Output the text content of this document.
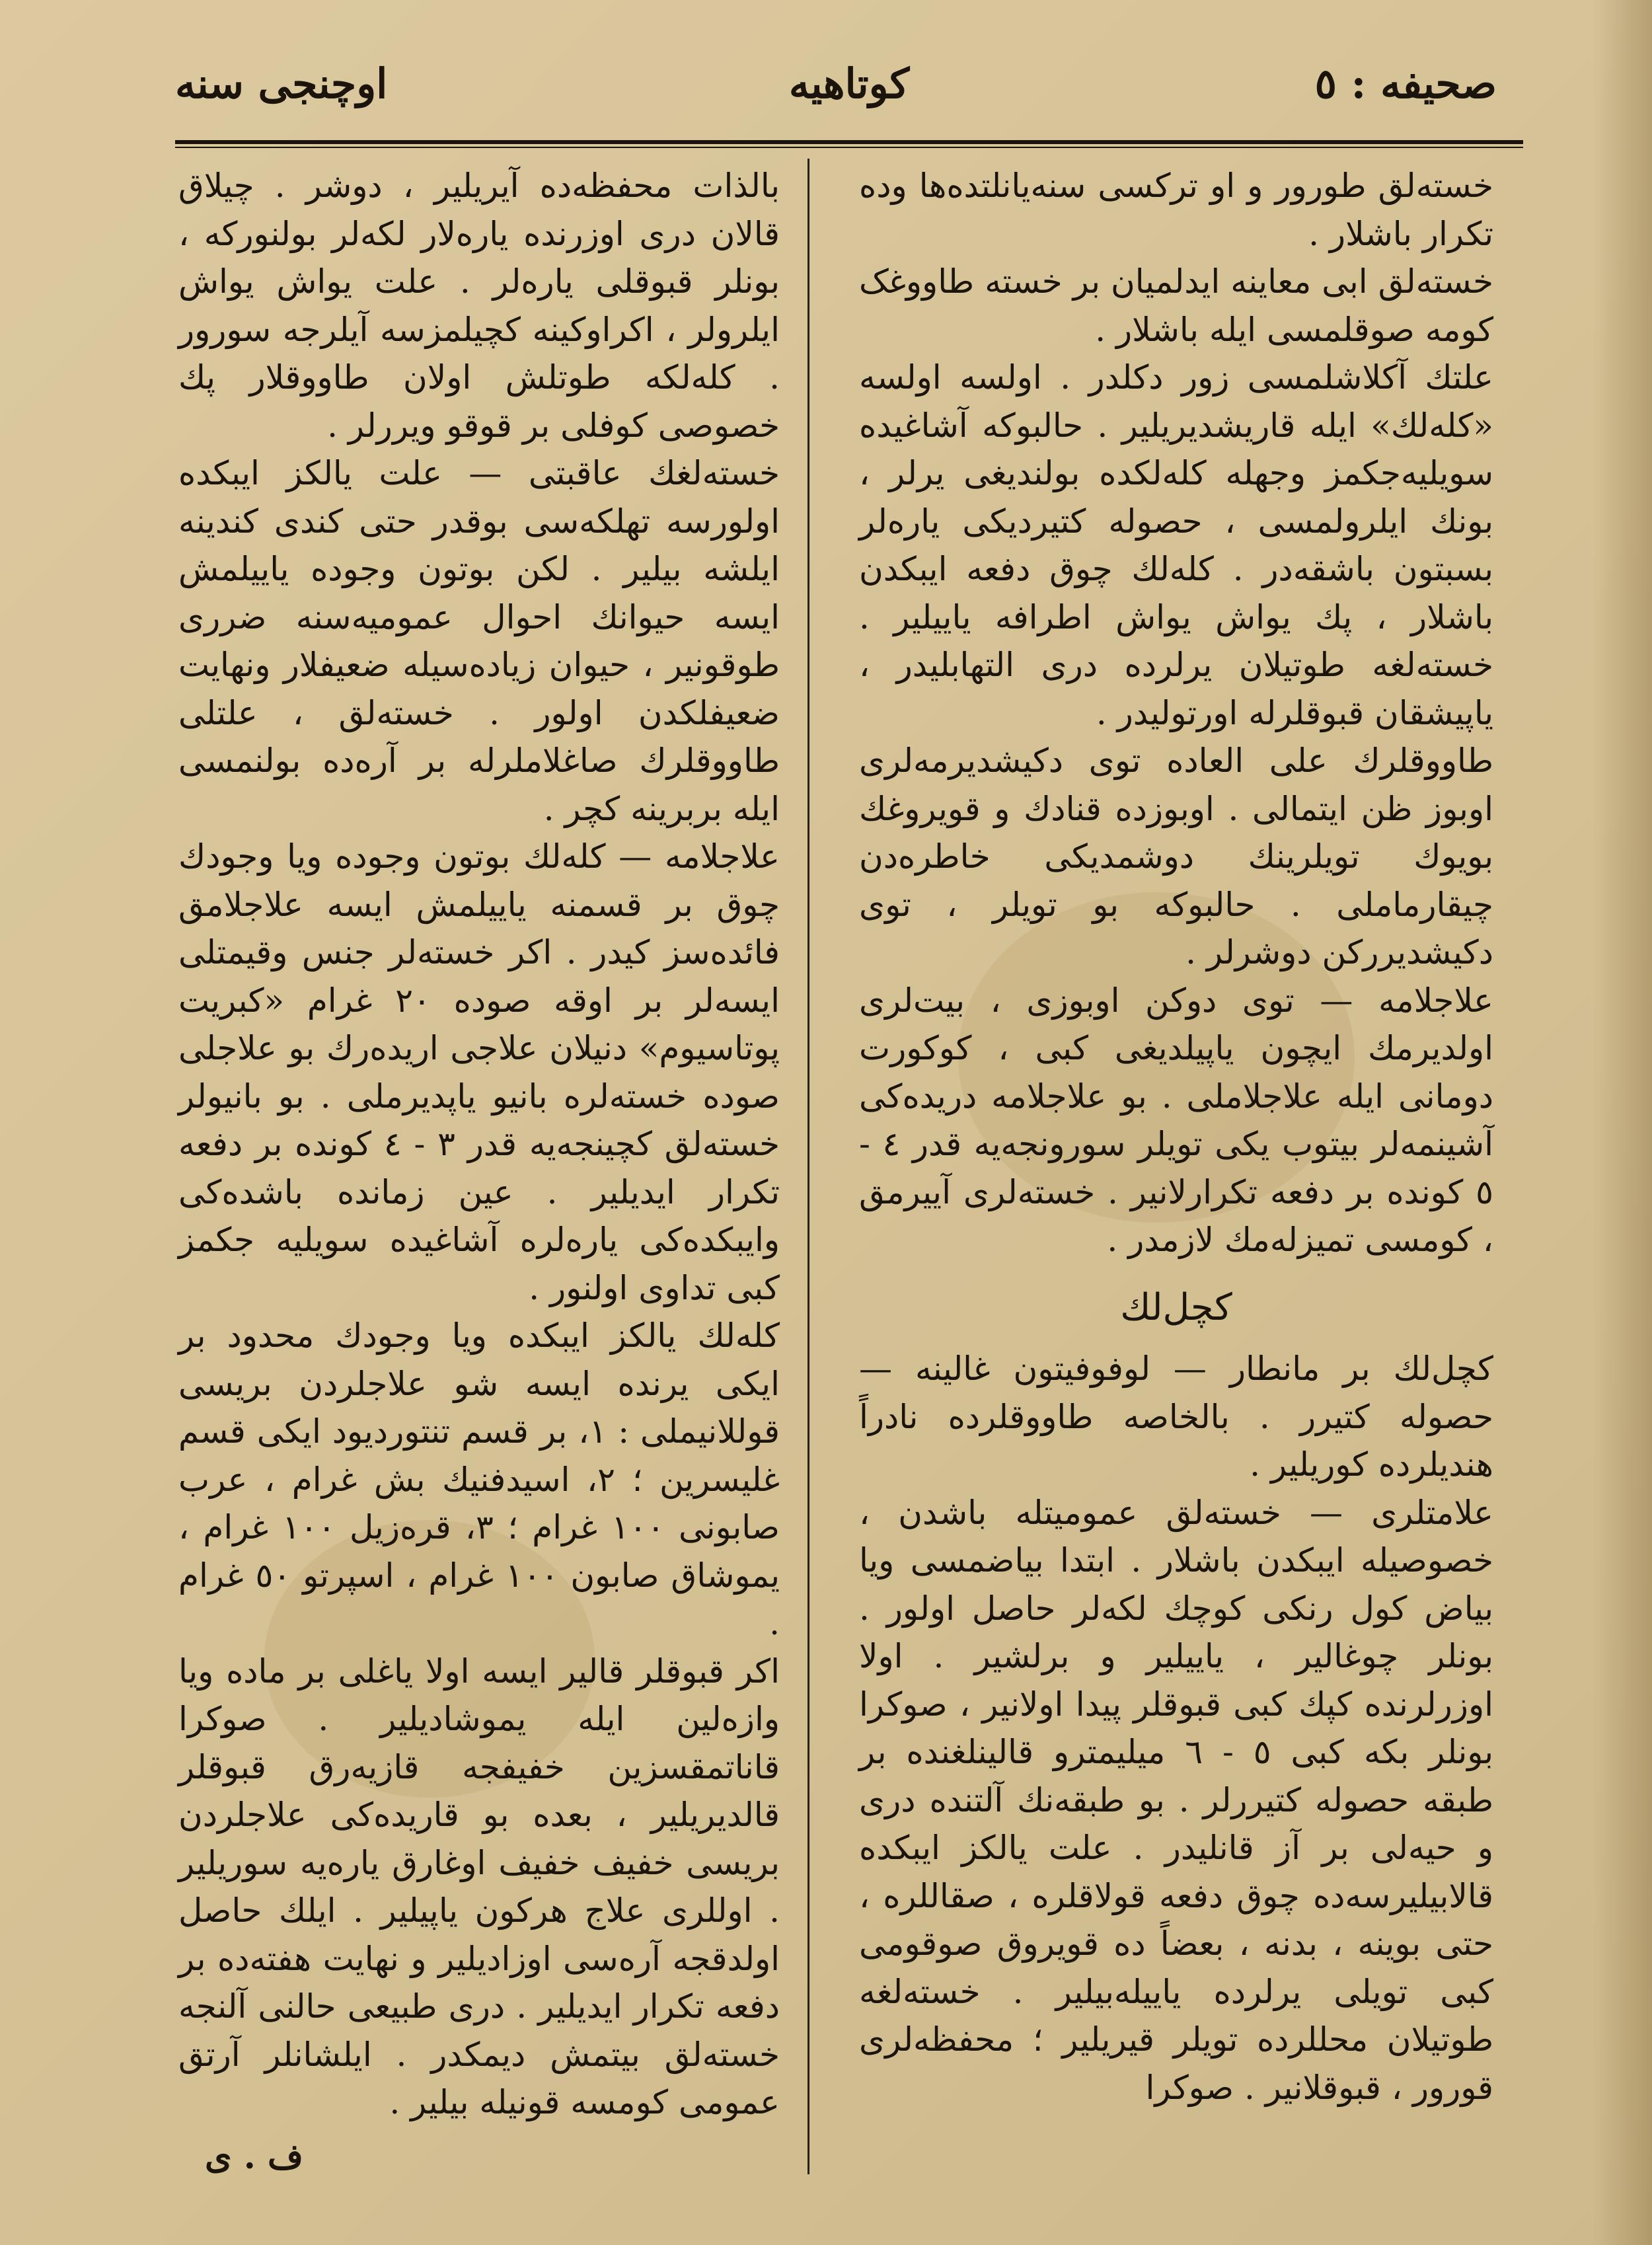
صحیفه : ٥
کوتاهیه
اوچنجی سنه

خسته‌لق طورور و او ترکسی سنه‌یانلتده‌ها وده تکرار باشلار .

خسته‌لق ابی معاینه ایدلمیان بر خسته طاووغک کومه صوقلمسی ایله باشلار .

علتك آکلاشلمسی زور دکلدر . اولسه اولسه «کله‌لك» ایله قاریشدیریلیر . حالبوکه آشاغیده سویلیه‌جکمز وجهله کله‌لکده بولندیغی یرلر ، بونك ایلرولمسی ، حصوله کتیردیکی یاره‌لر بسبتون باشقه‌در . کله‌لك چوق دفعه ایبکدن باشلار ، پك یواش یواش اطرافه یاییلیر . خسته‌لغه طوتیلان یرلرده دری التهابلیدر ، یاپیشقان قبوقلرله اورتولیدر .

طاووقلرك علی العاده توی دکیشدیرمه‌لری اوبوز ظن ایتمالی . اوبوزده قنادك و قویروغك بویوك تویلرینك دوشمدیکی خاطره‌دن چیقارماملی . حالبوکه بو تویلر ، توی دکیشدیررکن دوشرلر .

علاجلامه — توی دوکن اوبوزی ، بیت‌لری اولدیرمك ایچون یاپیلدیغی کبی ، کوکورت دومانی ایله علاجلاملی . بو علاجلامه دریده‌کی آشینمه‌لر بیتوب یکی تویلر سورونجه‌یه قدر ٤ - ٥ کونده بر دفعه تکرارلانیر . خسته‌لری آییرمق ، کومسی تمیزله‌مك لازمدر .

کچل‌لك

کچل‌لك بر مانطار — لوفوفیتون غالینه — حصوله کتیرر . بالخاصه طاووقلرده نادراً هندیلرده کوریلیر .

علامتلری — خسته‌لق عمومیتله باشدن ، خصوصیله ایبکدن باشلار . ابتدا بیاضمسی ویا بیاض کول رنکی کوچك لکه‌لر حاصل اولور . بونلر چوغالیر ، یاییلیر و برلشیر . اولا اوزرلرنده کپك کبی قبوقلر پیدا اولانیر ، صوکرا بونلر بکه کبی ٥ - ٦ میلیمترو قالینلغنده بر طبقه حصوله کتیررلر . بو طبقه‌نك آلتنده دری و حیه‌لی بر آز قانلیدر . علت یالکز ایبکده قالابیلیرسه‌ده چوق دفعه قولاقلره ، صقاللره ، حتی بوینه ، بدنه ، بعضاً ده قویروق صوقومی کبی تویلی یرلرده یاییله‌بیلیر . خسته‌لغه طوتیلان محللرده تویلر قیریلیر ؛ محفظه‌لری قورور ، قبوقلانیر . صوکرا

بالذات محفظه‌ده آیریلیر ، دوشر . چیلاق قالان دری اوزرنده یاره‌لار لکه‌لر بولنورکه ، بونلر قبوقلی یاره‌لر . علت یواش یواش ایلرولر ، اکراوکینه کچیلمزسه آیلرجه سورور . کله‌لکه طوتلش اولان طاووقلار پك خصوصی کوفلی بر قوقو ویررلر .

خسته‌لغك عاقبتی — علت یالکز ایبکده‌ اولورسه تهلکه‌سی بوقدر حتی کندی کندینه ایلشه بیلیر . لکن بوتون وجوده یاییلمش ایسه حیوانك احوال عمومیه‌سنه ضرری طوقونیر ، حیوان زیاده‌سیله ضعیفلار ونهایت ضعیفلکدن اولور . خسته‌لق ، علتلی طاووقلرك صاغلاملرله بر آره‌ده بولنمسی ایله بربرینه کچر .

علاجلامه — کله‌لك بوتون وجوده ویا وجودك چوق بر قسمنه یاییلمش ایسه علاجلامق فائده‌سز کیدر . اکر خسته‌لر جنس وقیمتلی ایسه‌لر بر اوقه صوده ٢٠ غرام «کبریت پوتاسیوم» دنیلان علاجی اریده‌رك بو علاجلی صوده خسته‌لره بانیو یاپدیرملی . بو بانیولر خسته‌لق کچینجه‌یه قدر ٣ - ٤ کونده بر دفعه تکرار ایدیلیر . عین زمانده باشده‌کی وایبکده‌کی یاره‌لره آشاغیده سویلیه جکمز کبی تداوی اولنور .

کله‌لك یالکز ایبکده ویا وجودك محدود بر ایکی یرنده ایسه شو علاجلردن بریسی قوللانیملی : ١، بر قسم تنتوردیود ایکی قسم غلیسرین ؛ ٢، اسیدفنیك بش غرام ، عرب صابونی ١٠٠ غرام ؛ ٣، قره‌زیل ١٠٠ غرام ، یموشاق صابون ١٠٠ غرام ، اسپرتو ٥٠ غرام .

اکر قبوقلر قالیر ایسه اولا یاغلی بر ماده ویا وازه‌لین ایله یموشادیلیر . صوکرا قاناتمقسزین خفیفجه قازیه‌رق قبوقلر قالدیریلیر ، بعده بو قاریده‌کی علاجلردن بریسی خفیف خفیف اوغارق یاره‌یه سوریلیر . اوللری علاج هرکون یاپیلیر . ایلك حاصل اولدقجه آره‌سی اوزادیلیر و نهایت هفته‌ده بر دفعه تکرار ایدیلیر . دری طبیعی حالنی آلنجه خسته‌لق بیتمش دیمکدر . ایلشانلر آرتق عمومی کومسه قونیله بیلیر .

ف . ی
